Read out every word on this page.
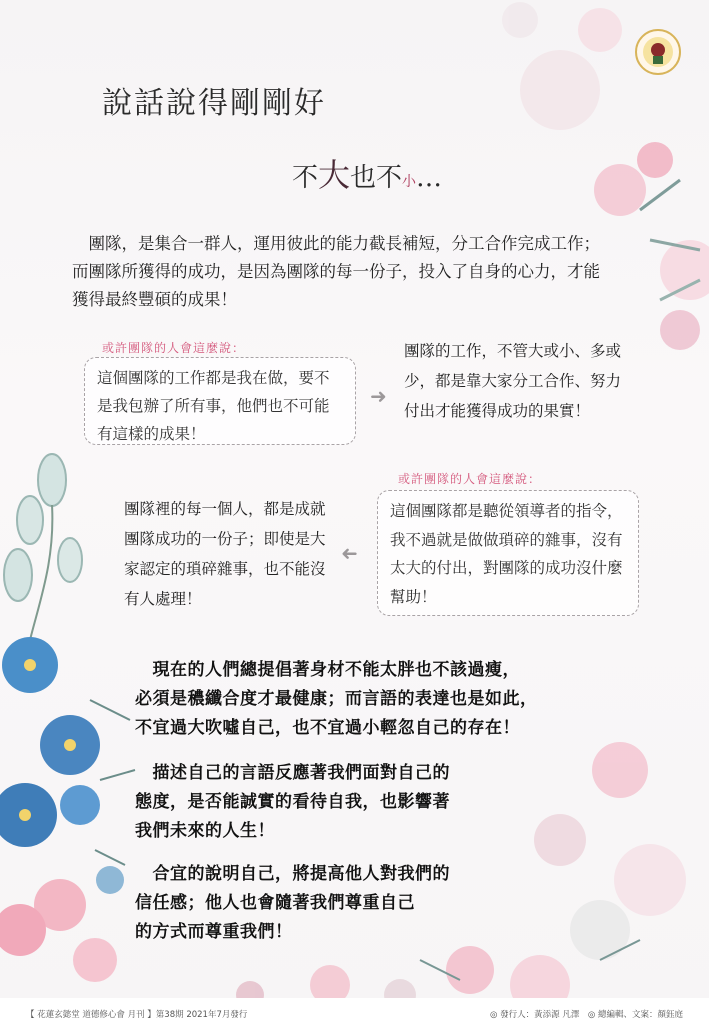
說話說得剛剛好
不大也不小…
　團隊，是集合一群人，運用彼此的能力截長補短，分工合作完成工作；而團隊所獲得的成功，是因為團隊的每一份子，投入了自身的心力，才能獲得最終豐碩的成果！
或許團隊的人會這麼說：
這個團隊的工作都是我在做，要不是我包辦了所有事，他們也不可能有這樣的成果！
➜
團隊的工作，不管大或小、多或少，都是靠大家分工合作、努力付出才能獲得成功的果實！
或許團隊的人會這麼說：
這個團隊都是聽從領導者的指令，我不過就是做做瑣碎的雜事，沒有太大的付出，對團隊的成功沒什麼幫助！
➜
團隊裡的每一個人，都是成就團隊成功的一份子；即使是大家認定的瑣碎雜事，也不能沒有人處理！
　現在的人們總提倡著身材不能太胖也不該過瘦，
必須是穠纖合度才最健康；而言語的表達也是如此，
不宜過大吹噓自己，也不宜過小輕忽自己的存在！
　描述自己的言語反應著我們面對自己的
態度，是否能誠實的看待自我，也影響著
我們未來的人生！
　合宜的說明自己，將提高他人對我們的
信任感；他人也會隨著我們尊重自己
的方式而尊重我們！
【 花蓮玄懿堂 道德修心會 月刊 】第38期 2021年7月發行	◎ 發行人：黃添源 凡澤　◎ 總編輯、文案：顏鈺庭
